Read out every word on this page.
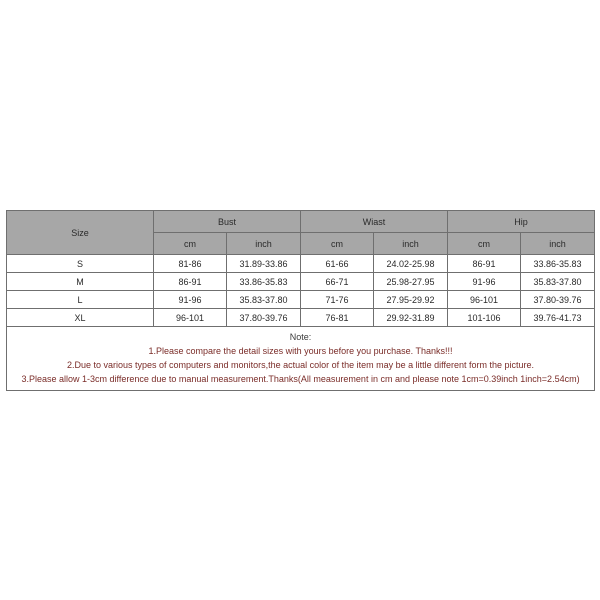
Size	Bust		Wiast		Hip	
	cm	inch	cm	inch	cm	inch
S	81-86	31.89-33.86	61-66	24.02-25.98	86-91	33.86-35.83
M	86-91	33.86-35.83	66-71	25.98-27.95	91-96	35.83-37.80
L	91-96	35.83-37.80	71-76	27.95-29.92	96-101	37.80-39.76
XL	96-101	37.80-39.76	76-81	29.92-31.89	101-106	39.76-41.73

Note:
1.Please compare the detail sizes with yours before you purchase. Thanks!!!
2.Due to various types of computers and monitors,the actual color of the item may be a little different form the picture.
3.Please allow 1-3cm difference due to manual measurement.Thanks(All measurement in cm and please note 1cm=0.39inch 1inch=2.54cm)						
